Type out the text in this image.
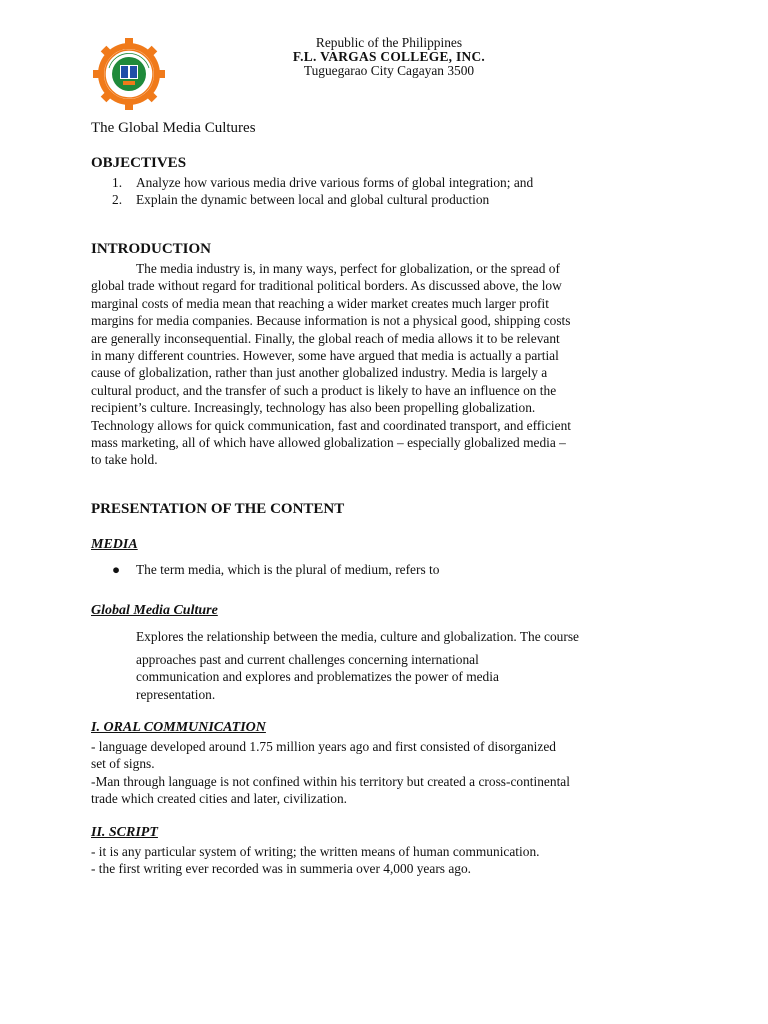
Republic of the Philippines
F.L. VARGAS COLLEGE, INC.
Tuguegarao City Cagayan 3500
The Global Media Cultures
OBJECTIVES
1. Analyze how various media drive various forms of global integration; and
2. Explain the dynamic between local and global cultural production
INTRODUCTION
The media industry is, in many ways, perfect for globalization, or the spread of
global trade without regard for traditional political borders. As discussed above, the low
marginal costs of media mean that reaching a wider market creates much larger profit
margins for media companies. Because information is not a physical good, shipping costs
are generally inconsequential. Finally, the global reach of media allows it to be relevant
in many different countries. However, some have argued that media is actually a partial
cause of globalization, rather than just another globalized industry. Media is largely a
cultural product, and the transfer of such a product is likely to have an influence on the
recipient’s culture. Increasingly, technology has also been propelling globalization.
Technology allows for quick communication, fast and coordinated transport, and efficient
mass marketing, all of which have allowed globalization – especially globalized media –
to take hold.
PRESENTATION OF THE CONTENT
MEDIA
● The term media, which is the plural of medium, refers to
Global Media Culture
Explores the relationship between the media, culture and globalization. The course
approaches past and current challenges concerning international
communication and explores and problematizes the power of media
representation.
I. ORAL COMMUNICATION
- language developed around 1.75 million years ago and first consisted of disorganized
set of signs.
-Man through language is not confined within his territory but created a cross-continental
trade which created cities and later, civilization.
II. SCRIPT
- it is any particular system of writing; the written means of human communication.
- the first writing ever recorded was in summeria over 4,000 years ago.
